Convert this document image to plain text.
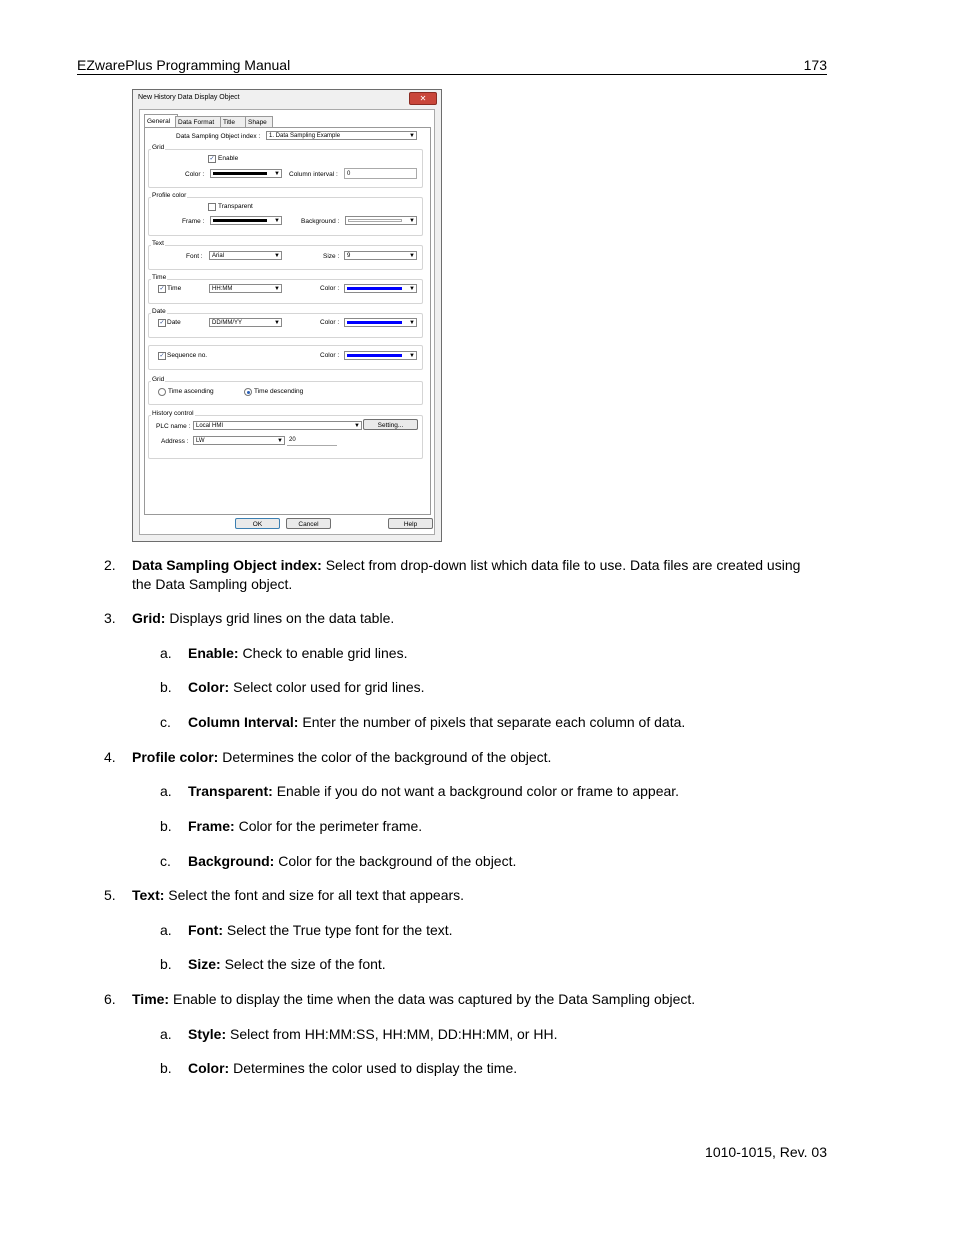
EZwarePlus Programming Manual	173
New History Data Display Object	✕
General	Data Format	Title	Shape
Data Sampling Object index :	1. Data Sampling Example	▼
Grid
✓ Enable
Color :	▼ Column interval :	0
Profile color
Transparent
Frame :	▼	Background :	▼
Text
Font :	Arial	▼	Size :	9	▼
Time
✓ Time	HH:MM	▼	Color :	▼
Date
✓ Date	DD/MM/YY	▼	Color :	▼
✓ Sequence no.	Color :	▼
Grid
Time ascending	Time descending
History control
PLC name : Local HMI	▼	Setting...
Address :	LW	▼	20
OK	Cancel	Help
2. Data Sampling Object index: Select from drop-down list which data file to use. Data files are created using
the Data Sampling object.
3. Grid: Displays grid lines on the data table.
a. Enable: Check to enable grid lines.
b. Color: Select color used for grid lines.
c. Column Interval: Enter the number of pixels that separate each column of data.
4. Profile color: Determines the color of the background of the object.
a. Transparent: Enable if you do not want a background color or frame to appear.
b. Frame: Color for the perimeter frame.
c. Background: Color for the background of the object.
5. Text: Select the font and size for all text that appears.
a. Font: Select the True type font for the text.
b. Size: Select the size of the font.
6. Time: Enable to display the time when the data was captured by the Data Sampling object.
a. Style: Select from HH:MM:SS, HH:MM, DD:HH:MM, or HH.
b. Color: Determines the color used to display the time.
1010-1015, Rev. 03
